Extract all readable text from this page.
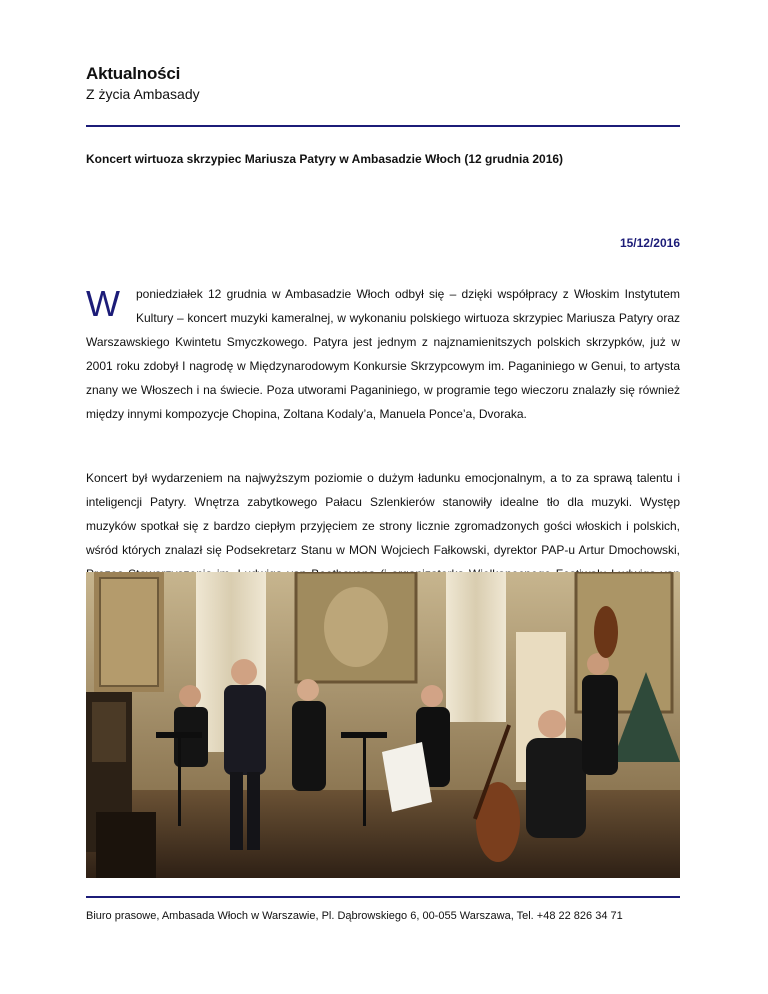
Aktualności
Z życia Ambasady
Koncert wirtuoza skrzypiec Mariusza Patyry w Ambasadzie Włoch (12 grudnia 2016)
15/12/2016

W poniedziałek 12 grudnia w Ambasadzie Włoch odbył się – dzięki współpracy z Włoskim Instytutem Kultury – koncert muzyki kameralnej, w wykonaniu polskiego wirtuoza skrzypiec Mariusza Patyry oraz Warszawskiego Kwintetu Smyczkowego. Patyra jest jednym z najznamienitszych polskich skrzypków, już w 2001 roku zdobył I nagrodę w Międzynarodowym Konkursie Skrzypcowym im. Paganiniego w Genui, to artysta znany we Włoszech i na świecie. Poza utworami Paganiniego, w programie tego wieczoru znalazły się również między innymi kompozycje Chopina, Zoltana Kodaly’a, Manuela Ponce’a, Dvoraka.

Koncert był wydarzeniem na najwyższym poziomie o dużym ładunku emocjonalnym, a to za sprawą talentu i inteligencji Patyry. Wnętrza zabytkowego Pałacu Szlenkierów stanowiły idealne tło dla muzyki. Występ muzyków spotkał się z bardzo ciepłym przyjęciem ze strony licznie zgromadzonych gości włoskich i polskich, wśród których znalazł się Podsekretarz Stanu w MON Wojciech Fałkowski, dyrektor PAP-u Artur Dmochowski,

Biuro prasowe, Ambasada Włoch w Warszawie, Pl. Dąbrowskiego 6, 00-055 Warszawa, Tel. +48 22 826 34 71
